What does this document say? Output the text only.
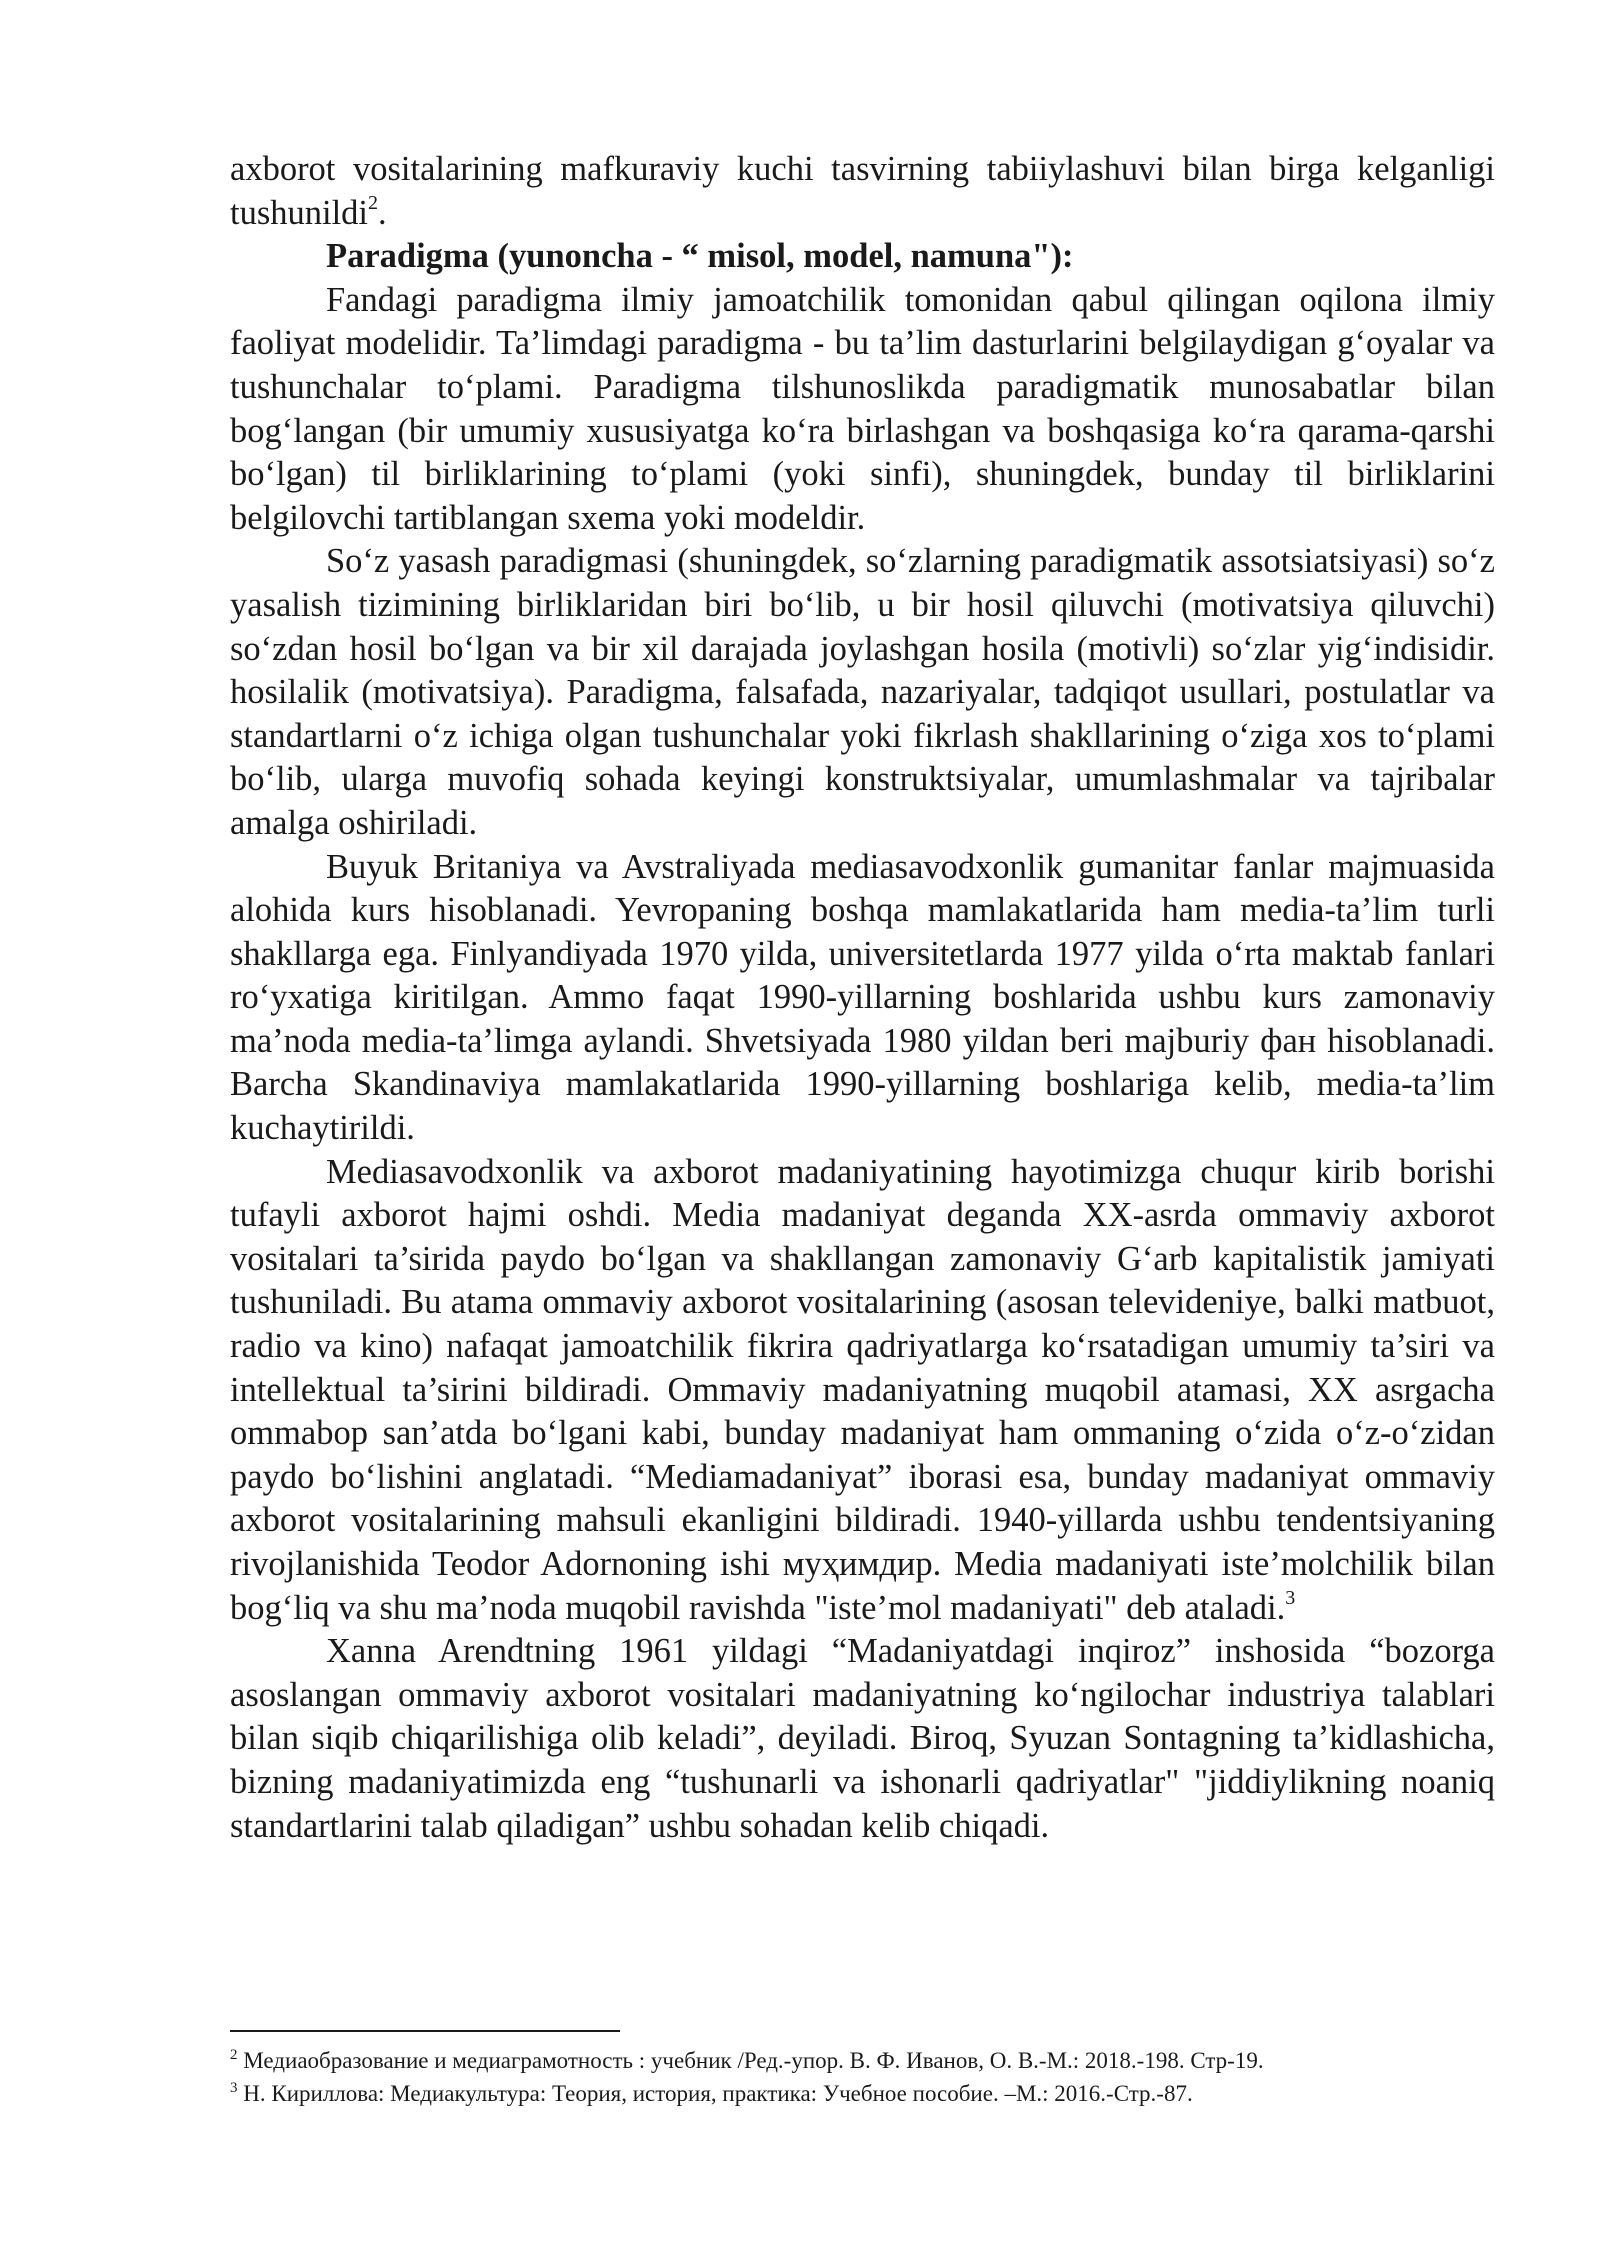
axborot vositalarining mafkuraviy kuchi tasvirning tabiiylashuvi bilan birga kelganligi tushunildi$^2$.

Paradigma (yunoncha - “ misol, model, namuna"):

Fandagi paradigma ilmiy jamoatchilik tomonidan qabul qilingan oqilona ilmiy faoliyat modelidir. Ta’limdagi paradigma - bu ta’lim dasturlarini belgilaydigan g‘oyalar va tushunchalar to‘plami. Paradigma tilshunoslikda paradigmatik munosabatlar bilan bog‘langan (bir umumiy xususiyatga ko‘ra birlashgan va boshqasiga ko‘ra qarama-qarshi bo‘lgan) til birliklarining to‘plami (yoki sinfi), shuningdek, bunday til birliklarini belgilovchi tartiblangan sxema yoki modeldir.

So‘z yasash paradigmasi (shuningdek, so‘zlarning paradigmatik assotsiatsiyasi) so‘z yasalish tizimining birliklaridan biri bo‘lib, u bir hosil qiluvchi (motivatsiya qiluvchi) so‘zdan hosil bo‘lgan va bir xil darajada joylashgan hosila (motivli) so‘zlar yig‘indisidir. hosilalik (motivatsiya). Paradigma, falsafada, nazariyalar, tadqiqot usullari, postulatlar va standartlarni o‘z ichiga olgan tushunchalar yoki fikrlash shakllarining o‘ziga xos to‘plami bo‘lib, ularga muvofiq sohada keyingi konstruktsiyalar, umumlashmalar va tajribalar amalga oshiriladi.

Buyuk Britaniya va Avstraliyada mediasavodxonlik gumanitar fanlar majmuasida alohida kurs hisoblanadi. Yevropaning boshqa mamlakatlarida ham media-ta’lim turli shakllarga ega. Finlyandiyada 1970 yilda, universitetlarda 1977 yilda o‘rta maktab fanlari ro‘yxatiga kiritilgan. Ammo faqat 1990-yillarning boshlarida ushbu kurs zamonaviy ma’noda media-ta’limga aylandi. Shvetsiyada 1980 yildan beri majburiy фан hisoblanadi. Barcha Skandinaviya mamlakatlarida 1990-yillarning boshlariga kelib, media-ta’lim kuchaytirildi.

Mediasavodxonlik va axborot madaniyatining hayotimizga chuqur kirib borishi tufayli axborot hajmi oshdi. Media madaniyat deganda XX-asrda ommaviy axborot vositalari ta’sirida paydo bo‘lgan va shakllangan zamonaviy G‘arb kapitalistik jamiyati tushuniladi. Bu atama ommaviy axborot vositalarining (asosan televideniye, balki matbuot, radio va kino) nafaqat jamoatchilik fikrira qadriyatlarga ko‘rsatadigan umumiy ta’siri va intellektual ta’sirini bildiradi. Ommaviy madaniyatning muqobil atamasi, XX asrgacha ommabop san’atda bo‘lgani kabi, bunday madaniyat ham ommaning o‘zida o‘z-o‘zidan paydo bo‘lishini anglatadi. “Mediamadaniyat” iborasi esa, bunday madaniyat ommaviy axborot vositalarining mahsuli ekanligini bildiradi. 1940-yillarda ushbu tendentsiyaning rivojlanishida Teodor Adornoning ishi муҳимдир. Media madaniyati iste’molchilik bilan bog‘liq va shu ma’noda muqobil ravishda "iste’mol madaniyati" deb ataladi.$^3$

Xanna Arendtning 1961 yildagi “Madaniyatdagi inqiroz” inshosida “bozorga asoslangan ommaviy axborot vositalari madaniyatning ko‘ngilochar industriya talablari bilan siqib chiqarilishiga olib keladi”, deyiladi. Biroq, Syuzan Sontagning ta’kidlashicha, bizning madaniyatimizda eng “tushunarli va ishonarli qadriyatlar" "jiddiylikning noaniq standartlarini talab qiladigan” ushbu sohadan kelib chiqadi.

$^2$ Медиаобразование и медиаграмотность : учебник /Ред.-упор. В. Ф. Иванов, О. В.-М.: 2018.-198. Стр-19.

$^3$ Н. Кириллова: Медиакультура: Теория, история, практика: Учебное пособие. –М.: 2016.-Стр.-87.
